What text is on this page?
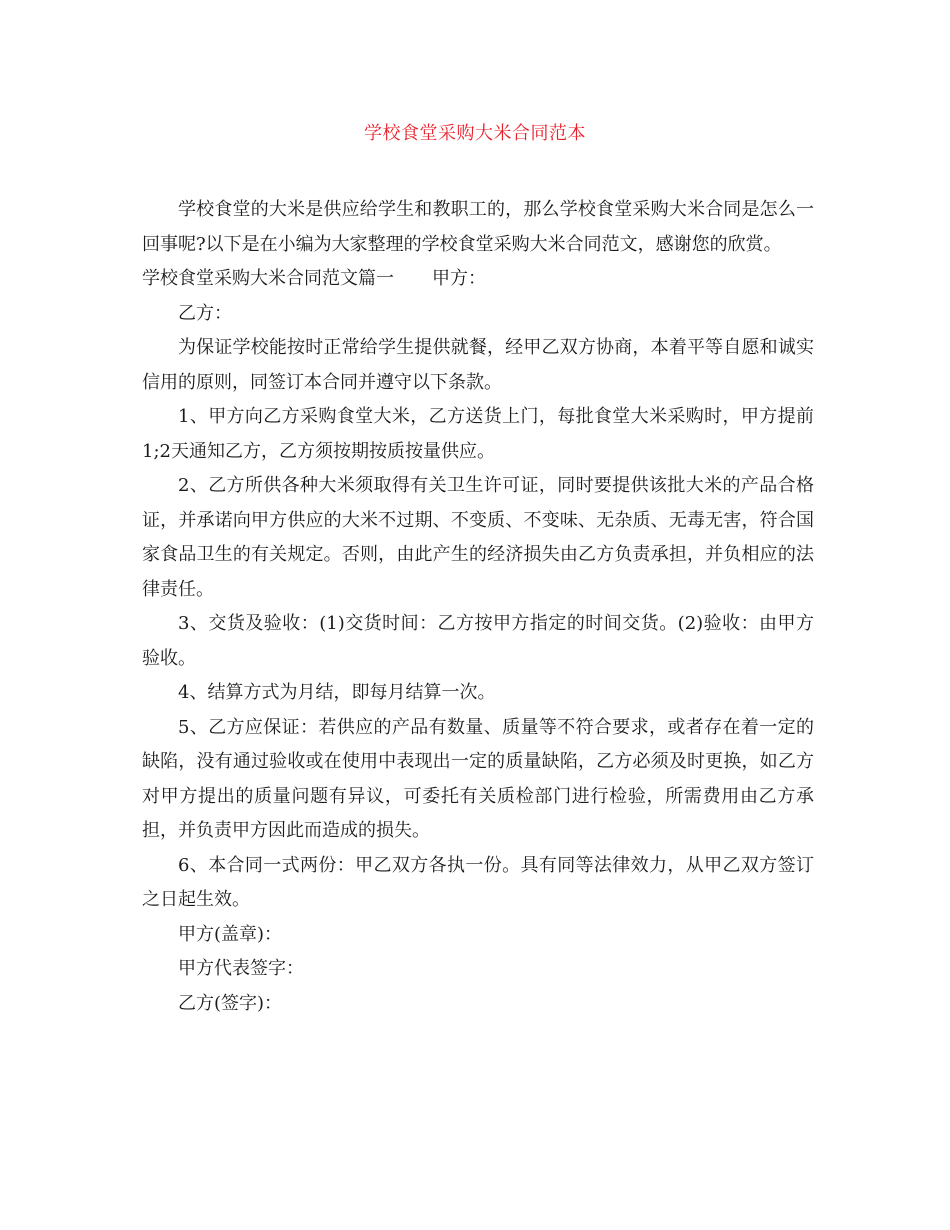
学校食堂采购大米合同范本

学校食堂的大米是供应给学生和教职工的，那么学校食堂采购大米合同是怎么一回事呢?以下是在小编为大家整理的学校食堂采购大米合同范文，感谢您的欣赏。

学校食堂采购大米合同范文篇一 甲方：

乙方：

为保证学校能按时正常给学生提供就餐，经甲乙双方协商，本着平等自愿和诚实信用的原则，同签订本合同并遵守以下条款。

1、甲方向乙方采购食堂大米，乙方送货上门，每批食堂大米采购时，甲方提前1;2天通知乙方，乙方须按期按质按量供应。

2、乙方所供各种大米须取得有关卫生许可证，同时要提供该批大米的产品合格证，并承诺向甲方供应的大米不过期、不变质、不变味、无杂质、无毒无害，符合国家食品卫生的有关规定。否则，由此产生的经济损失由乙方负责承担，并负相应的法律责任。

3、交货及验收：(1)交货时间：乙方按甲方指定的时间交货。(2)验收：由甲方验收。

4、结算方式为月结，即每月结算一次。

5、乙方应保证：若供应的产品有数量、质量等不符合要求，或者存在着一定的缺陷，没有通过验收或在使用中表现出一定的质量缺陷，乙方必须及时更换，如乙方对甲方提出的质量问题有异议，可委托有关质检部门进行检验，所需费用由乙方承担，并负责甲方因此而造成的损失。

6、本合同一式两份：甲乙双方各执一份。具有同等法律效力，从甲乙双方签订之日起生效。

甲方(盖章)：

甲方代表签字：

乙方(签字)：
